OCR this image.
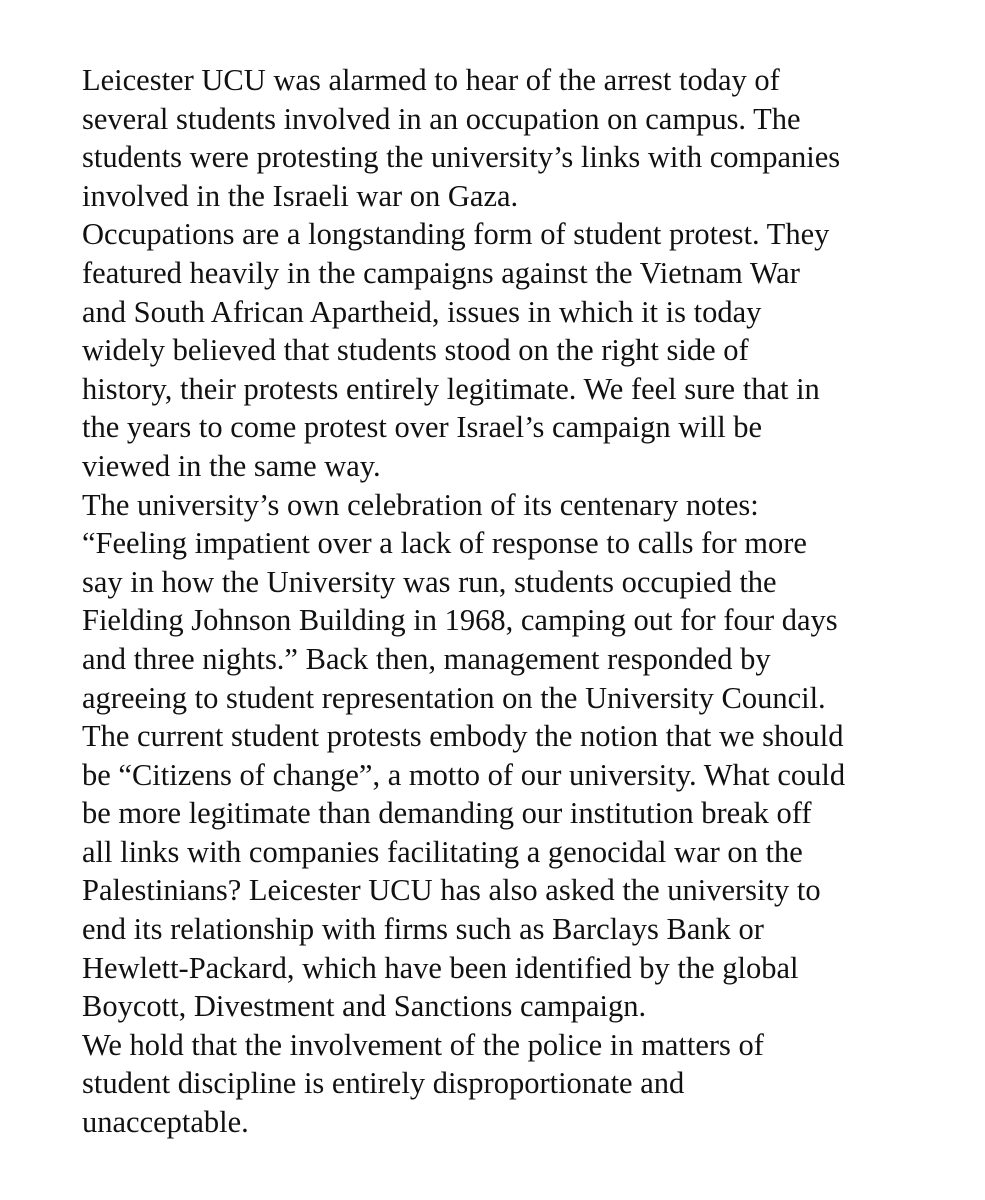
Leicester UCU was alarmed to hear of the arrest today of
several students involved in an occupation on campus. The
students were protesting the university’s links with companies
involved in the Israeli war on Gaza.

Occupations are a longstanding form of student protest. They
featured heavily in the campaigns against the Vietnam War
and South African Apartheid, issues in which it is today
widely believed that students stood on the right side of
history, their protests entirely legitimate. We feel sure that in
the years to come protest over Israel’s campaign will be
viewed in the same way.

The university’s own celebration of its centenary notes:
“Feeling impatient over a lack of response to calls for more
say in how the University was run, students occupied the
Fielding Johnson Building in 1968, camping out for four days
and three nights.” Back then, management responded by
agreeing to student representation on the University Council.

The current student protests embody the notion that we should
be “Citizens of change”, a motto of our university. What could
be more legitimate than demanding our institution break off
all links with companies facilitating a genocidal war on the
Palestinians? Leicester UCU has also asked the university to
end its relationship with firms such as Barclays Bank or
Hewlett-Packard, which have been identified by the global
Boycott, Divestment and Sanctions campaign.

We hold that the involvement of the police in matters of
student discipline is entirely disproportionate and
unacceptable.
